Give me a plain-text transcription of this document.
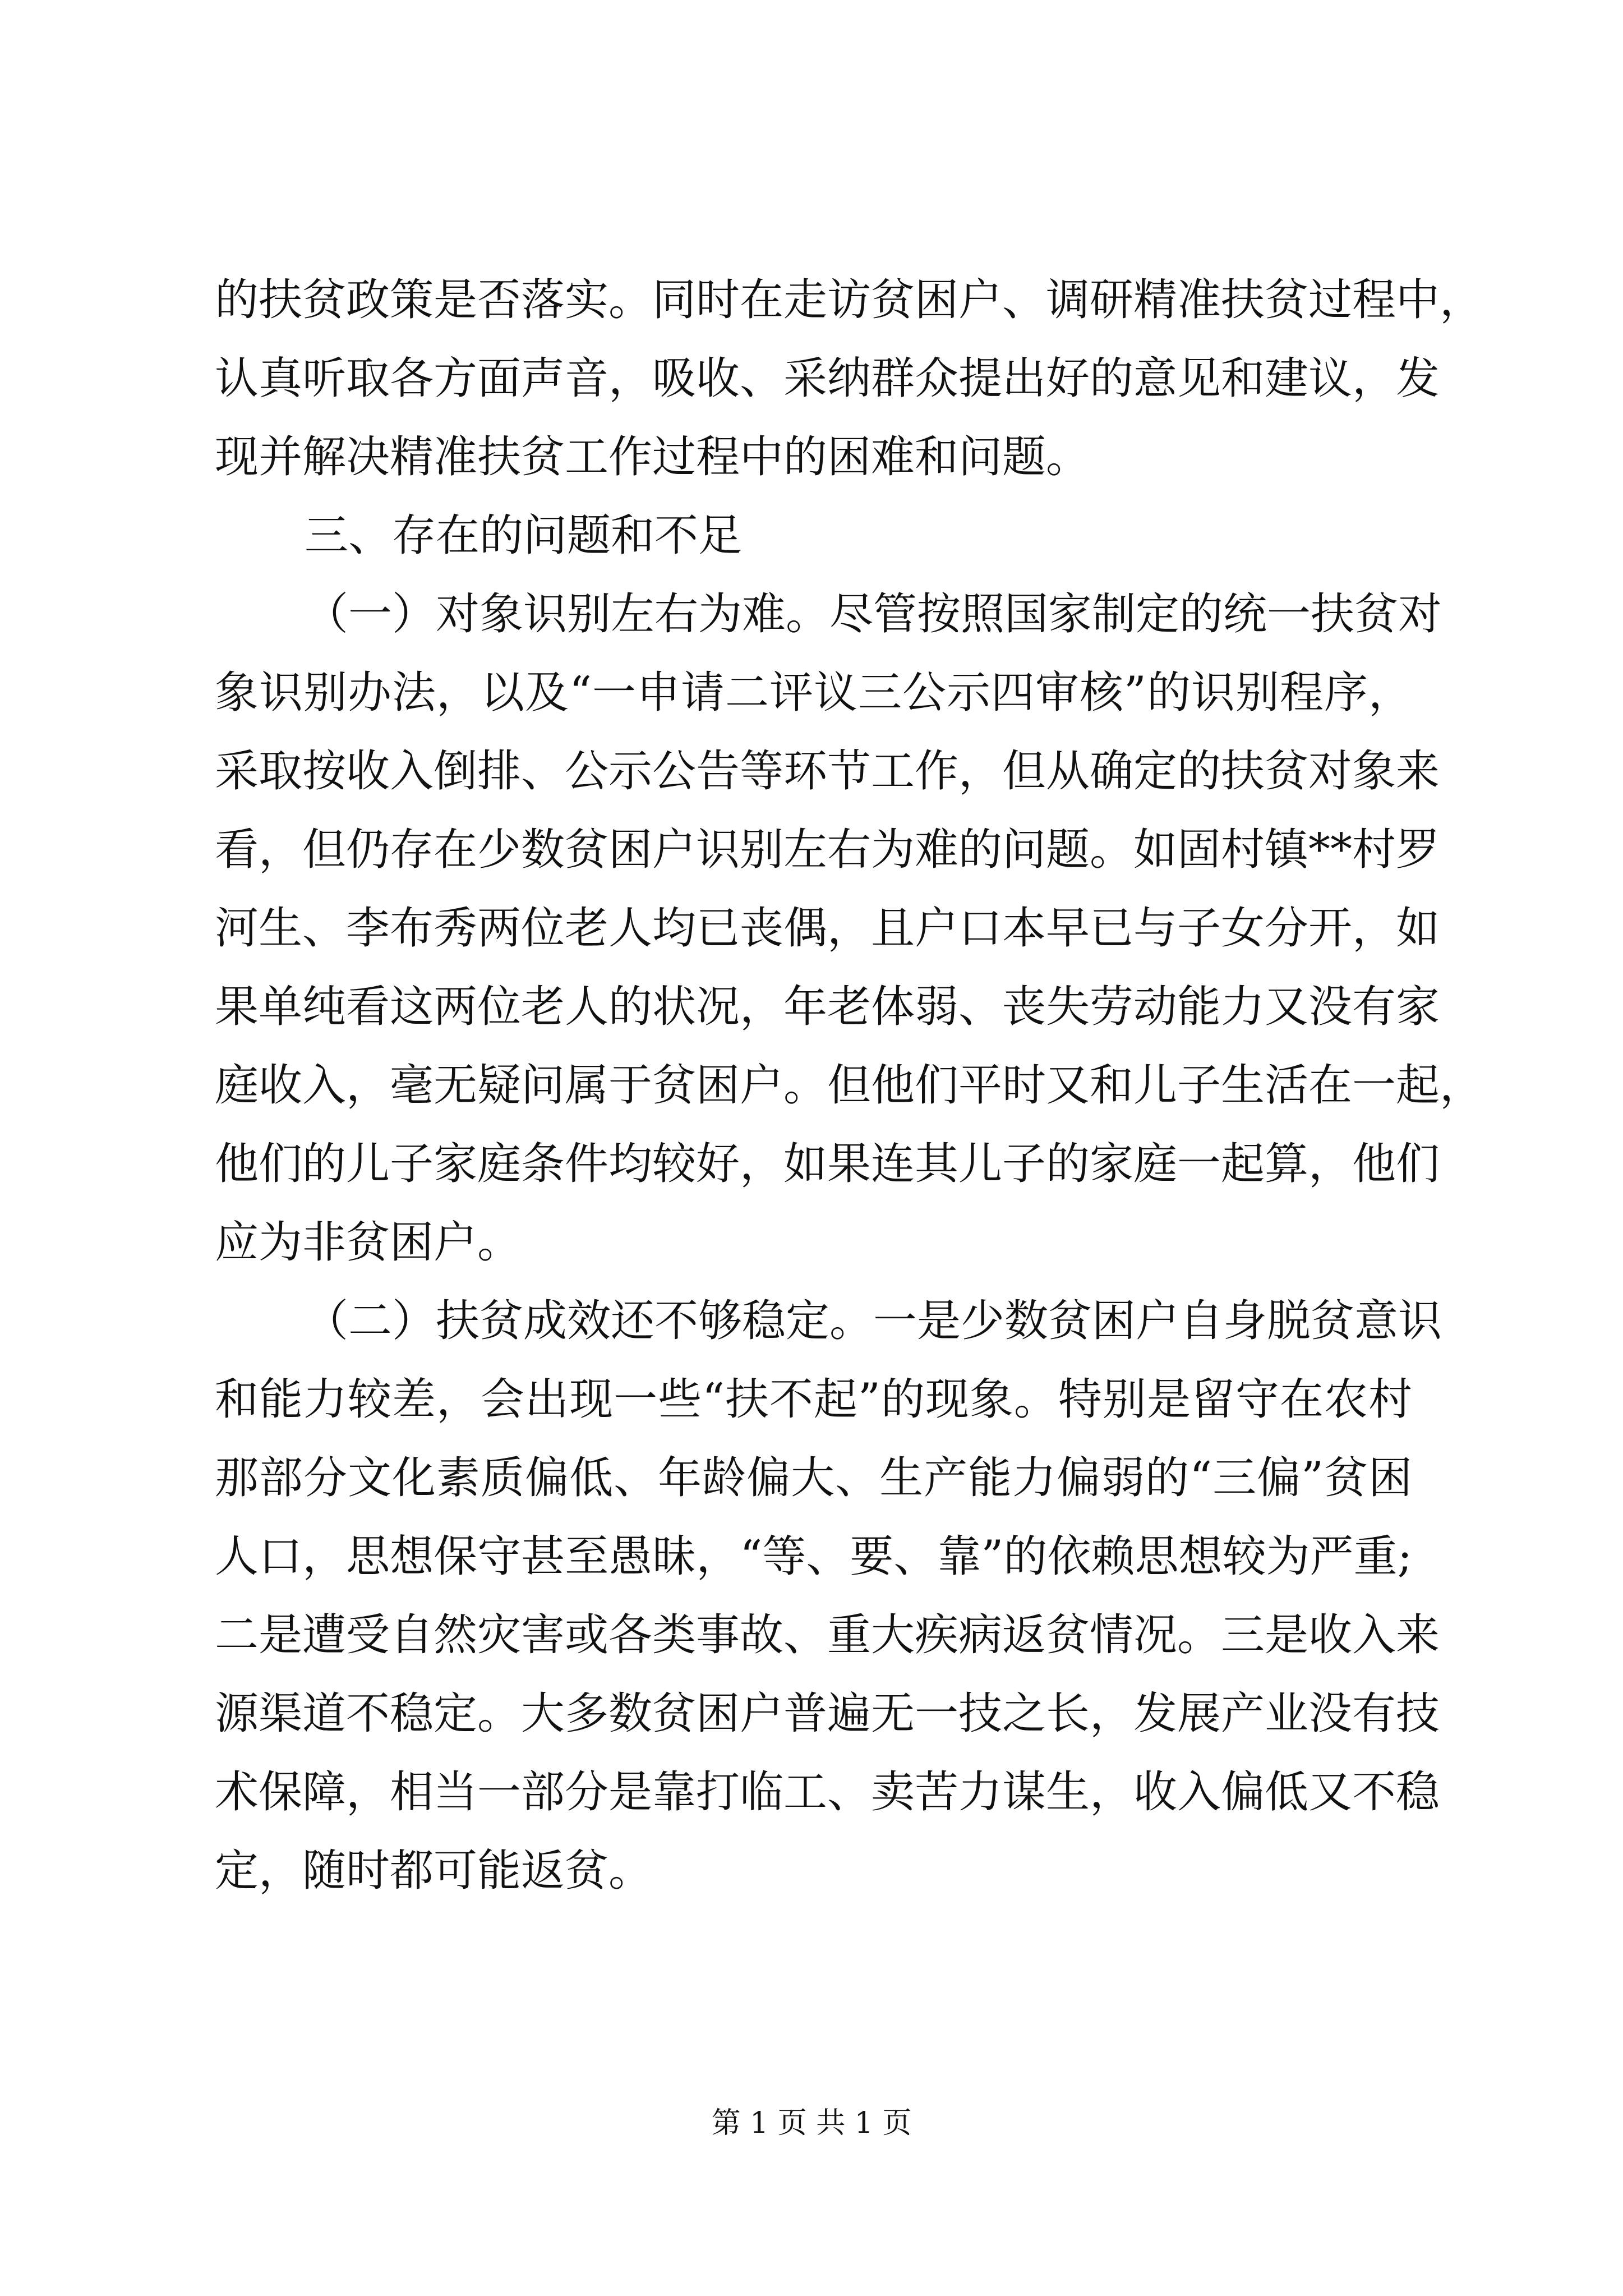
的扶贫政策是否落实。同时在走访贫困户、调研精准扶贫过程中，
认真听取各方面声音，吸收、采纳群众提出好的意见和建议，发
现并解决精准扶贫工作过程中的困难和问题。
三、存在的问题和不足
（一）对象识别左右为难。尽管按照国家制定的统一扶贫对
象识别办法，以及“一申请二评议三公示四审核”的识别程序，
采取按收入倒排、公示公告等环节工作，但从确定的扶贫对象来
看，但仍存在少数贫困户识别左右为难的问题。如固村镇**村罗
河生、李布秀两位老人均已丧偶，且户口本早已与子女分开，如
果单纯看这两位老人的状况，年老体弱、丧失劳动能力又没有家
庭收入，毫无疑问属于贫困户。但他们平时又和儿子生活在一起，
他们的儿子家庭条件均较好，如果连其儿子的家庭一起算，他们
应为非贫困户。
（二）扶贫成效还不够稳定。一是少数贫困户自身脱贫意识
和能力较差，会出现一些“扶不起”的现象。特别是留守在农村
那部分文化素质偏低、年龄偏大、生产能力偏弱的“三偏”贫困
人口，思想保守甚至愚昧，“等、要、靠”的依赖思想较为严重;
二是遭受自然灾害或各类事故、重大疾病返贫情况。三是收入来
源渠道不稳定。大多数贫困户普遍无一技之长，发展产业没有技
术保障，相当一部分是靠打临工、卖苦力谋生，收入偏低又不稳
定，随时都可能返贫。
第 1 页 共 1 页
